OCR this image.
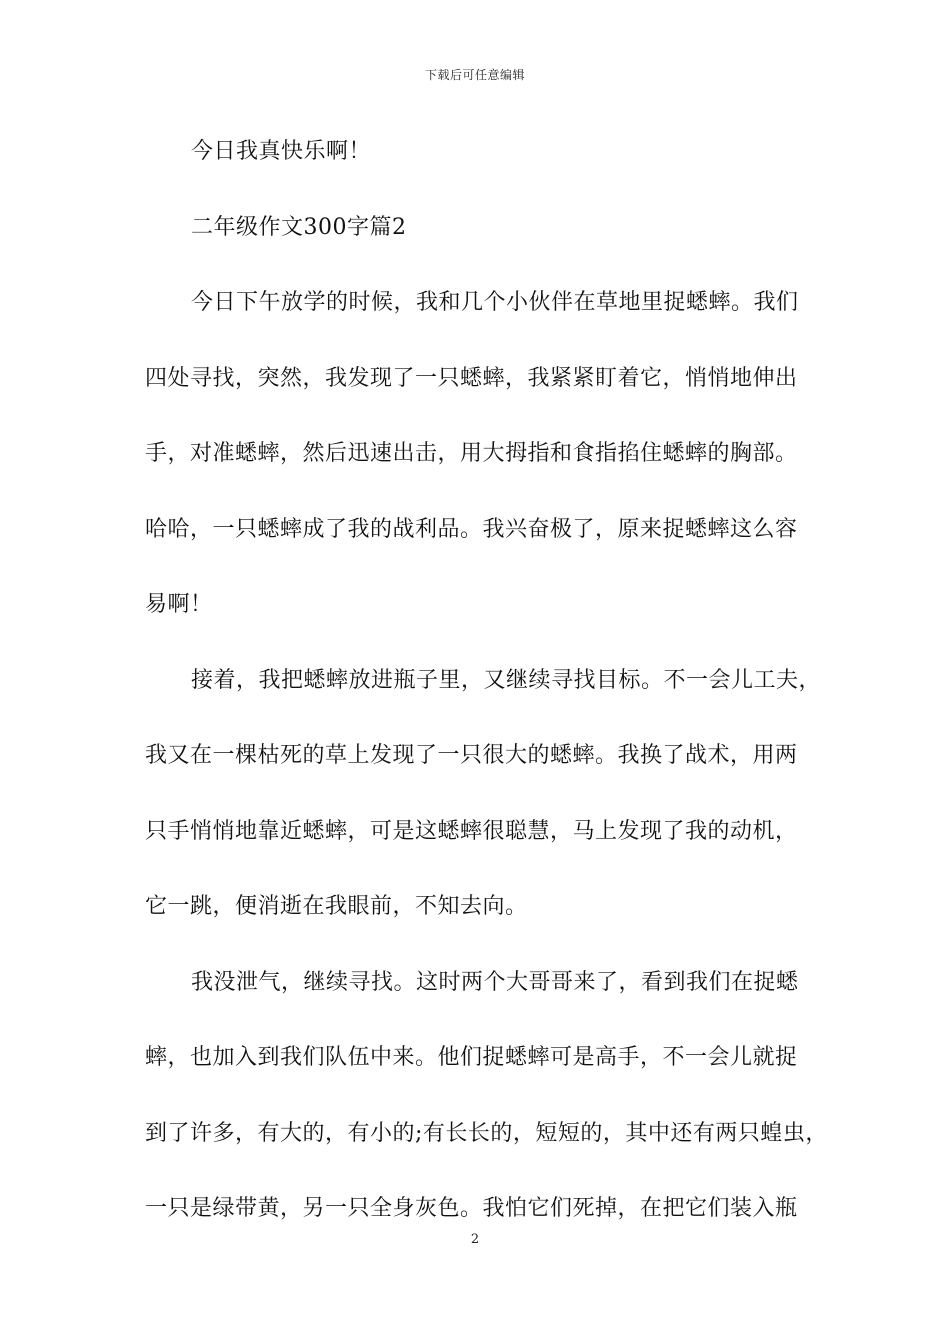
下载后可任意编辑
今日我真快乐啊！
二年级作文300字篇2
今日下午放学的时候，我和几个小伙伴在草地里捉蟋蟀。我们
四处寻找，突然，我发现了一只蟋蟀，我紧紧盯着它，悄悄地伸出
手，对准蟋蟀，然后迅速出击，用大拇指和食指掐住蟋蟀的胸部。
哈哈，一只蟋蟀成了我的战利品。我兴奋极了，原来捉蟋蟀这么容
易啊！
接着，我把蟋蟀放进瓶子里，又继续寻找目标。不一会儿工夫，
我又在一棵枯死的草上发现了一只很大的蟋蟀。我换了战术，用两
只手悄悄地靠近蟋蟀，可是这蟋蟀很聪慧，马上发现了我的动机，
它一跳，便消逝在我眼前，不知去向。
我没泄气，继续寻找。这时两个大哥哥来了，看到我们在捉蟋
蟀，也加入到我们队伍中来。他们捉蟋蟀可是高手，不一会儿就捉
到了许多，有大的，有小的;有长长的，短短的，其中还有两只蝗虫，
一只是绿带黄，另一只全身灰色。我怕它们死掉，在把它们装入瓶
2
